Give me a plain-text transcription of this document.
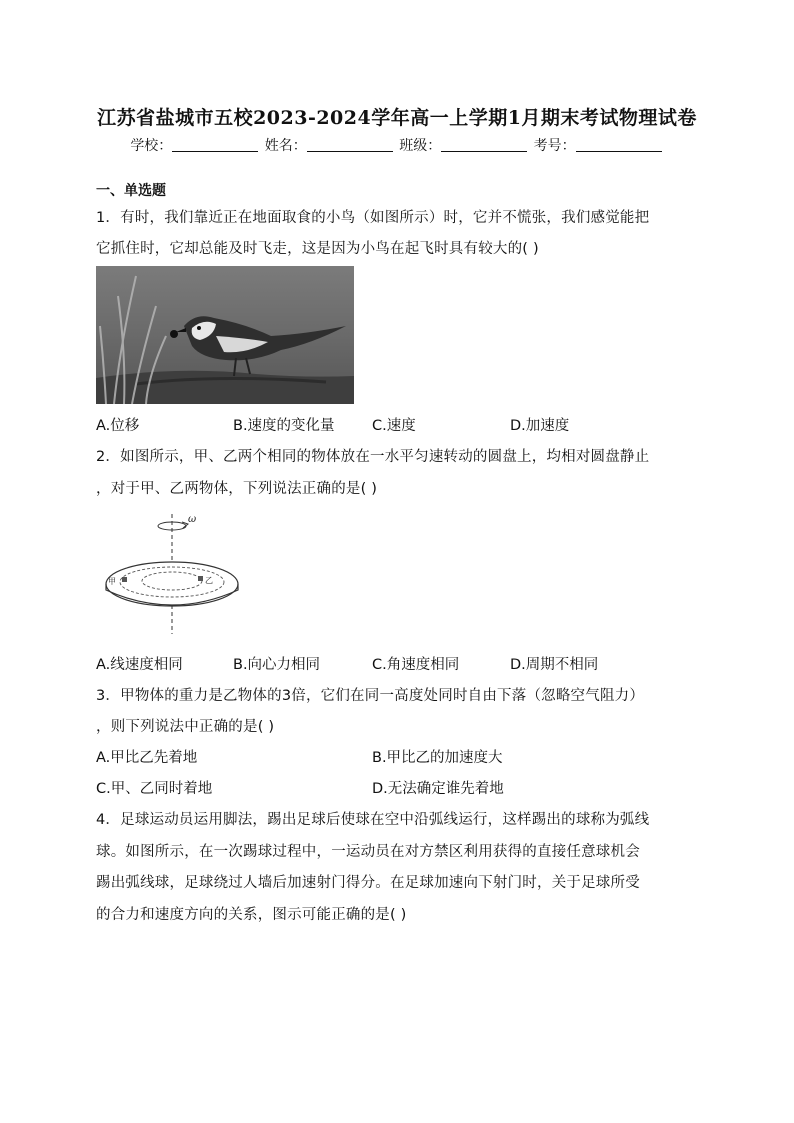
江苏省盐城市五校2023-2024学年高一上学期1月期末考试物理试卷
学校：	姓名：	班级：	考号：
一、单选题
1．有时，我们靠近正在地面取食的小鸟（如图所示）时，它并不慌张，我们感觉能把
它抓住时，它却总能及时飞走，这是因为小鸟在起飞时具有较大的( )
A.位移	B.速度的变化量	C.速度	D.加速度
2．如图所示，甲、乙两个相同的物体放在一水平匀速转动的圆盘上，均相对圆盘静止
，对于甲、乙两物体，下列说法正确的是( )
ω
甲	乙
A.线速度相同	B.向心力相同	C.角速度相同	D.周期不相同
3．甲物体的重力是乙物体的3倍，它们在同一高度处同时自由下落（忽略空气阻力）
，则下列说法中正确的是( )
A.甲比乙先着地	B.甲比乙的加速度大
C.甲、乙同时着地	D.无法确定谁先着地
4．足球运动员运用脚法，踢出足球后使球在空中沿弧线运行，这样踢出的球称为弧线
球。如图所示，在一次踢球过程中，一运动员在对方禁区利用获得的直接任意球机会
踢出弧线球，足球绕过人墙后加速射门得分。在足球加速向下射门时，关于足球所受
的合力和速度方向的关系，图示可能正确的是( )
